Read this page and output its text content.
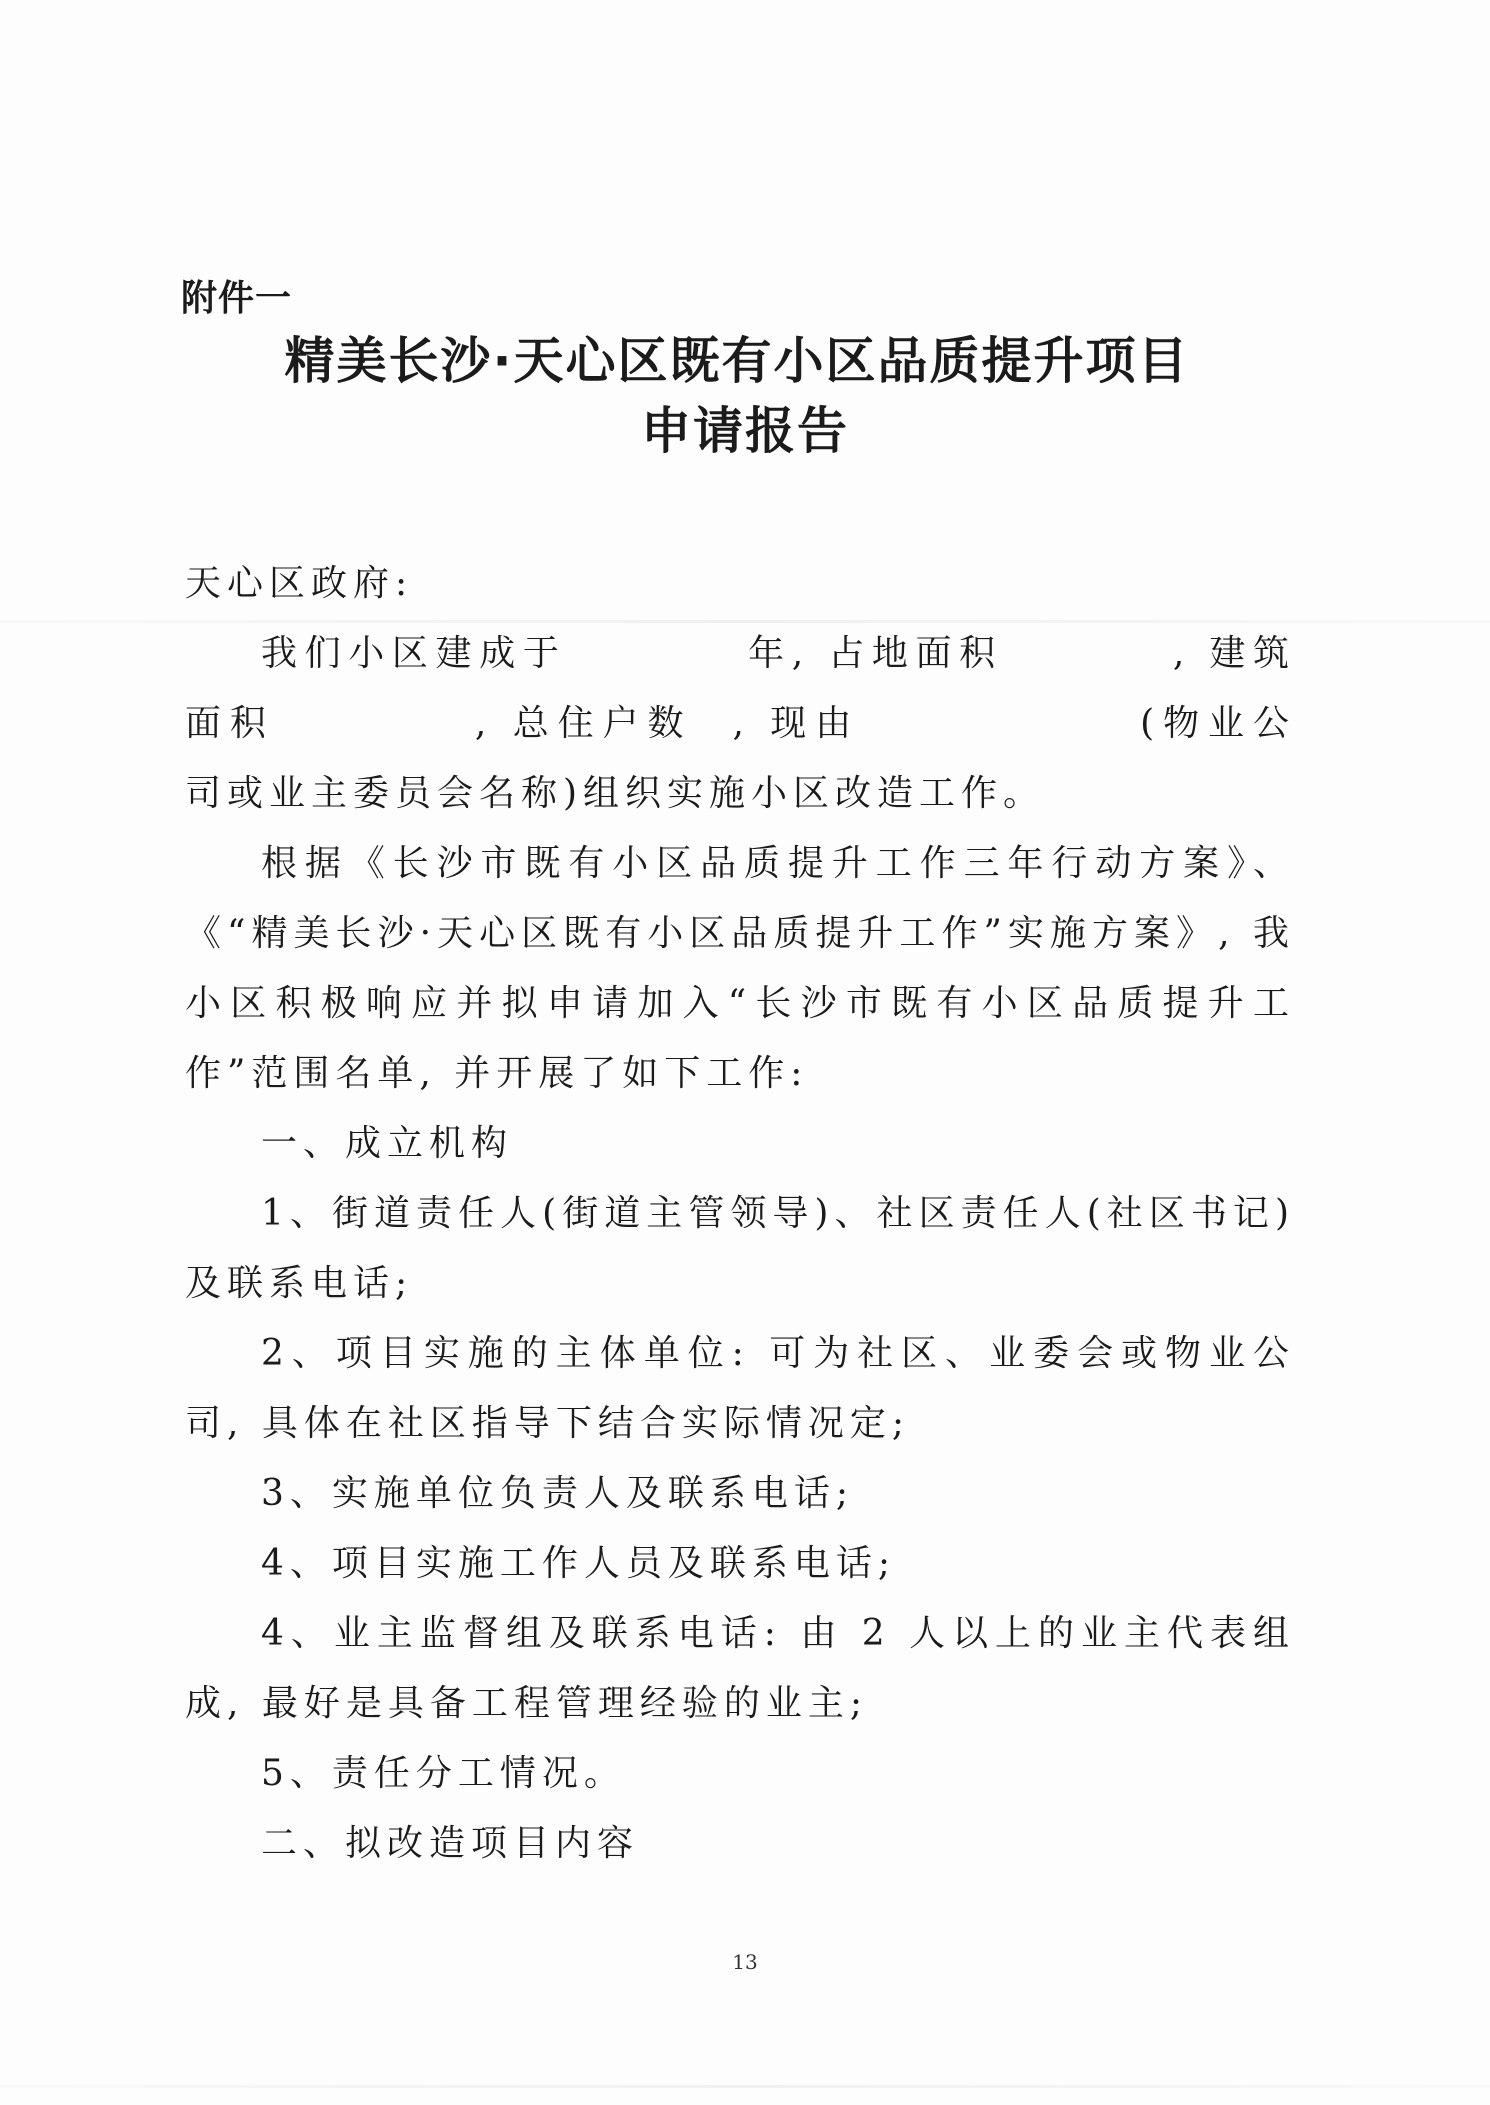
附件一
精美长沙·天心区既有小区品质提升项目
申请报告

天心区政府:

我们小区建成于	年, 占地面积	, 建筑面积	, 总住户数 , 现由	(物业公司或业主委员会名称)组织实施小区改造工作。

根据《长沙市既有小区品质提升工作三年行动方案》、《“精美长沙·天心区既有小区品质提升工作”实施方案》, 我小区积极响应并拟申请加入“长沙市既有小区品质提升工作”范围名单, 并开展了如下工作:

一、成立机构

1、街道责任人(街道主管领导)、社区责任人(社区书记)及联系电话;

2、项目实施的主体单位: 可为社区、业委会或物业公司, 具体在社区指导下结合实际情况定;

3、实施单位负责人及联系电话;

4、项目实施工作人员及联系电话;

4、业主监督组及联系电话: 由 2 人以上的业主代表组成, 最好是具备工程管理经验的业主;

5、责任分工情况。

二、拟改造项目内容

13
